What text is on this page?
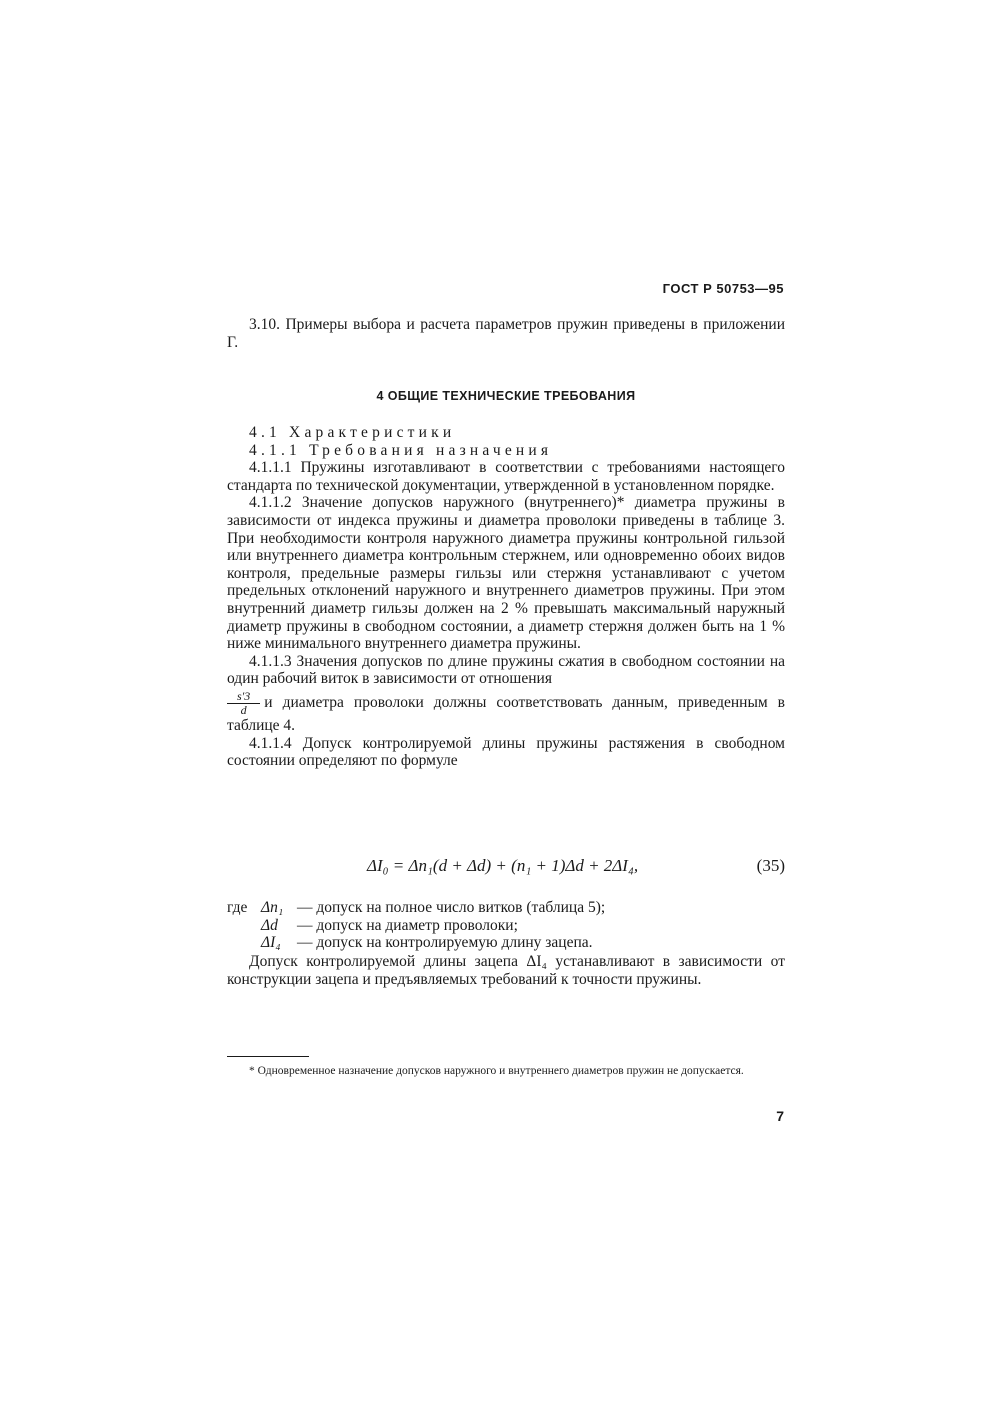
ГОСТ Р 50753—95

3.10. Примеры выбора и расчета параметров пружин приведены в приложении Г.

4 ОБЩИЕ ТЕХНИЧЕСКИЕ ТРЕБОВАНИЯ

4.1 Характеристики

4.1.1 Требования назначения

4.1.1.1 Пружины изготавливают в соответствии с требованиями настоящего стандарта по технической документации, утвержденной в установленном порядке.

4.1.1.2 Значение допусков наружного (внутреннего)* диаметра пружины в зависимости от индекса пружины и диаметра проволоки приведены в таблице 3. При необходимости контроля наружного диаметра пружины контрольной гильзой или внутреннего диаметра контрольным стержнем, или одновременно обоих видов контроля, предельные размеры гильзы или стержня устанавливают с учетом предельных отклонений наружного и внутреннего диаметров пружины. При этом внутренний диаметр гильзы должен на 2 % превышать максимальный наружный диаметр пружины в свободном состоянии, а диаметр стержня должен быть на 1 % ниже минимального внутреннего диаметра пружины.

4.1.1.3 Значения допусков по длине пружины сжатия в свободном состоянии на один рабочий виток в зависимости от отношения

$\frac{s'3}{d}$ и диаметра проволоки должны соответствовать данным, приведенным в таблице 4.

4.1.1.4 Допуск контролируемой длины пружины растяжения в свободном состоянии определяют по формуле

ΔI₀ = Δn₁(d + Δd) + (n₁ + 1)Δd + 2ΔI₄,	(35)
где Δn₁ — допуск на полное число витков (таблица 5);
Δd	— допуск на диаметр проволоки;
ΔI₄	— допуск на контролируемую длину зацепа.

Допуск контролируемой длины зацепа ΔI₄ устанавливают в зависимости от конструкции зацепа и предъявляемых требований к точности пружины.

* Одновременное назначение допусков наружного и внутреннего диаметров пружин не допускается.

7
